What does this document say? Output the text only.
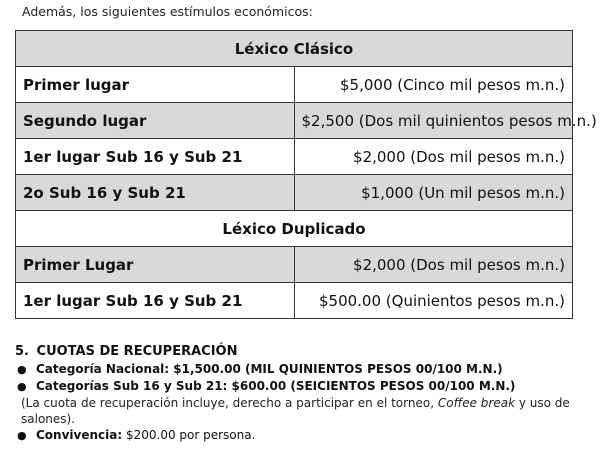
Además, los siguientes estímulos económicos:
Léxico Clásico	
Primer lugar	$5,000 (Cinco mil pesos m.n.)
Segundo lugar	$2,500 (Dos mil quinientos pesos m.n.)
1er lugar Sub 16 y Sub 21	$2,000 (Dos mil pesos m.n.)
2o Sub 16 y Sub 21	$1,000 (Un mil pesos m.n.)
Léxico Duplicado	
Primer Lugar	$2,000 (Dos mil pesos m.n.)
1er lugar Sub 16 y Sub 21	$500.00 (Quinientos pesos m.n.)
5. CUOTAS DE RECUPERACIÓN
● Categoría Nacional: $1,500.00 (MIL QUINIENTOS PESOS 00/100 M.N.)
● Categorías Sub 16 y Sub 21: $600.00 (SEICIENTOS PESOS 00/100 M.N.)
(La cuota de recuperación incluye, derecho a participar en el torneo, Coffee break y uso de salones).
● Convivencia: $200.00 por persona.
